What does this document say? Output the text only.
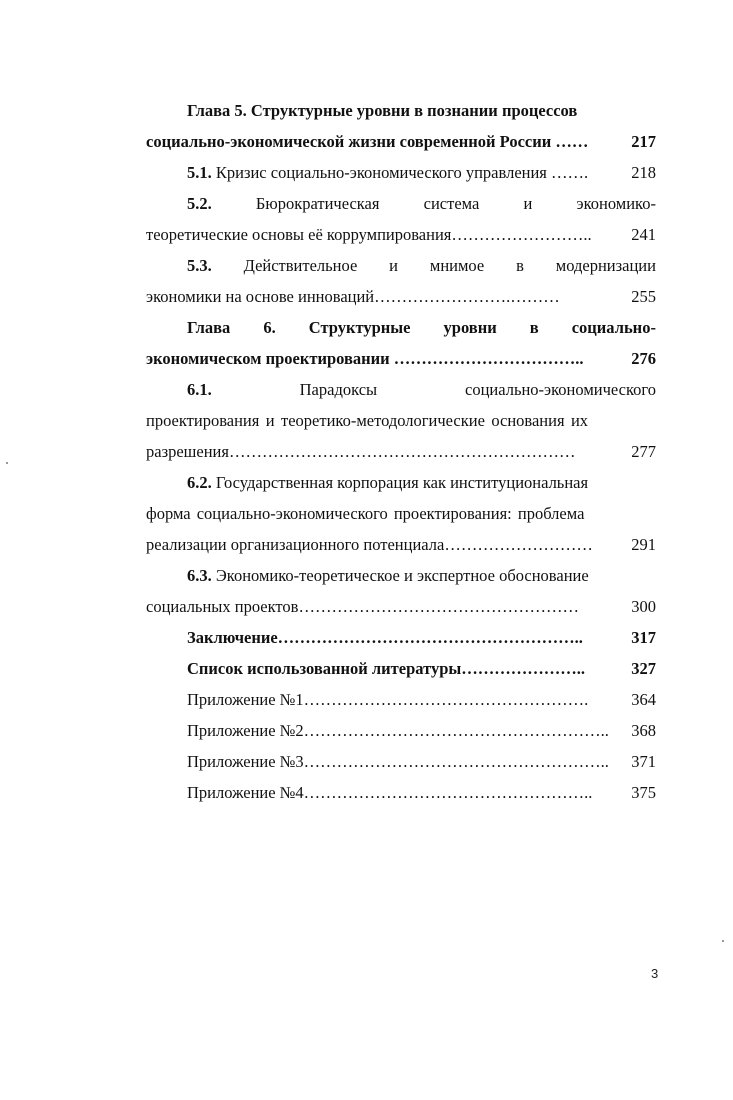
Глава 5. Структурные уровни в познании процессов
социально-экономической жизни современной России ……	217
5.1. Кризис социально-экономического управления …….	218
5.2.	Бюрократическая	система	и	экономико-
теоретические основы её коррумпирования…………………….. 241
5.3. Действительное и мнимое в модернизации
экономики на основе инноваций…………………….………	255
Глава 6. Структурные уровни в социально-
экономическом проектировании ……………………………..	276
6.1.	Парадоксы	социально-экономического
проектирования и теоретико-методологические основания их
разрешения………………………………………………………	277
6.2. Государственная корпорация как институциональная
форма социально-экономического проектирования: проблема
реализации организационного потенциала……………………… 291
6.3. Экономико-теоретическое и экспертное обоснование
социальных проектов……………………………………………	300
Заключение………………………………………………..	317
Список использованной литературы…………………..	327
Приложение №1…………………………………………….	364
Приложение №2……………………………………………….. 368
Приложение №3……………………………………………….. 371
Приложение №4…………………………………………….. 375
3
